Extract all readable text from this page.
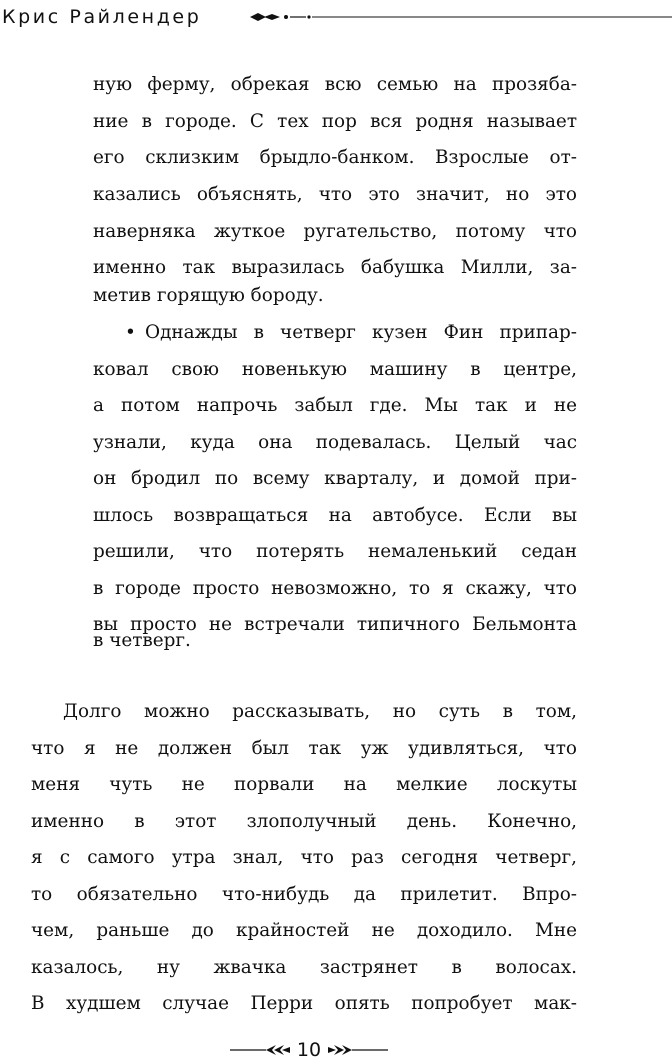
Крис Райлендер
ную ферму, обрекая всю семью на прозяба-
ние в городе. С тех пор вся родня называет
его склизким брыдло-банком. Взрослые от-
казались объяснять, что это значит, но это
наверняка жуткое ругательство, потому что
именно так выразилась бабушка Милли, за-
метив горящую бороду.
• Однажды в четверг кузен Фин припар-
ковал свою новенькую машину в центре,
а потом напрочь забыл где. Мы так и не
узнали, куда она подевалась. Целый час
он бродил по всему кварталу, и домой при-
шлось возвращаться на автобусе. Если вы
решили, что потерять немаленький седан
в городе просто невозможно, то я скажу, что
вы просто не встречали типичного Бельмонта
в четверг.
Долго можно рассказывать, но суть в том,
что я не должен был так уж удивляться, что
меня чуть не порвали на мелкие лоскуты
именно в этот злополучный день. Конечно,
я с самого утра знал, что раз сегодня четверг,
то обязательно что-нибудь да прилетит. Впро-
чем, раньше до крайностей не доходило. Мне
казалось, ну жвачка застрянет в волосах.
В худшем случае Перри опять попробует мак-
10
